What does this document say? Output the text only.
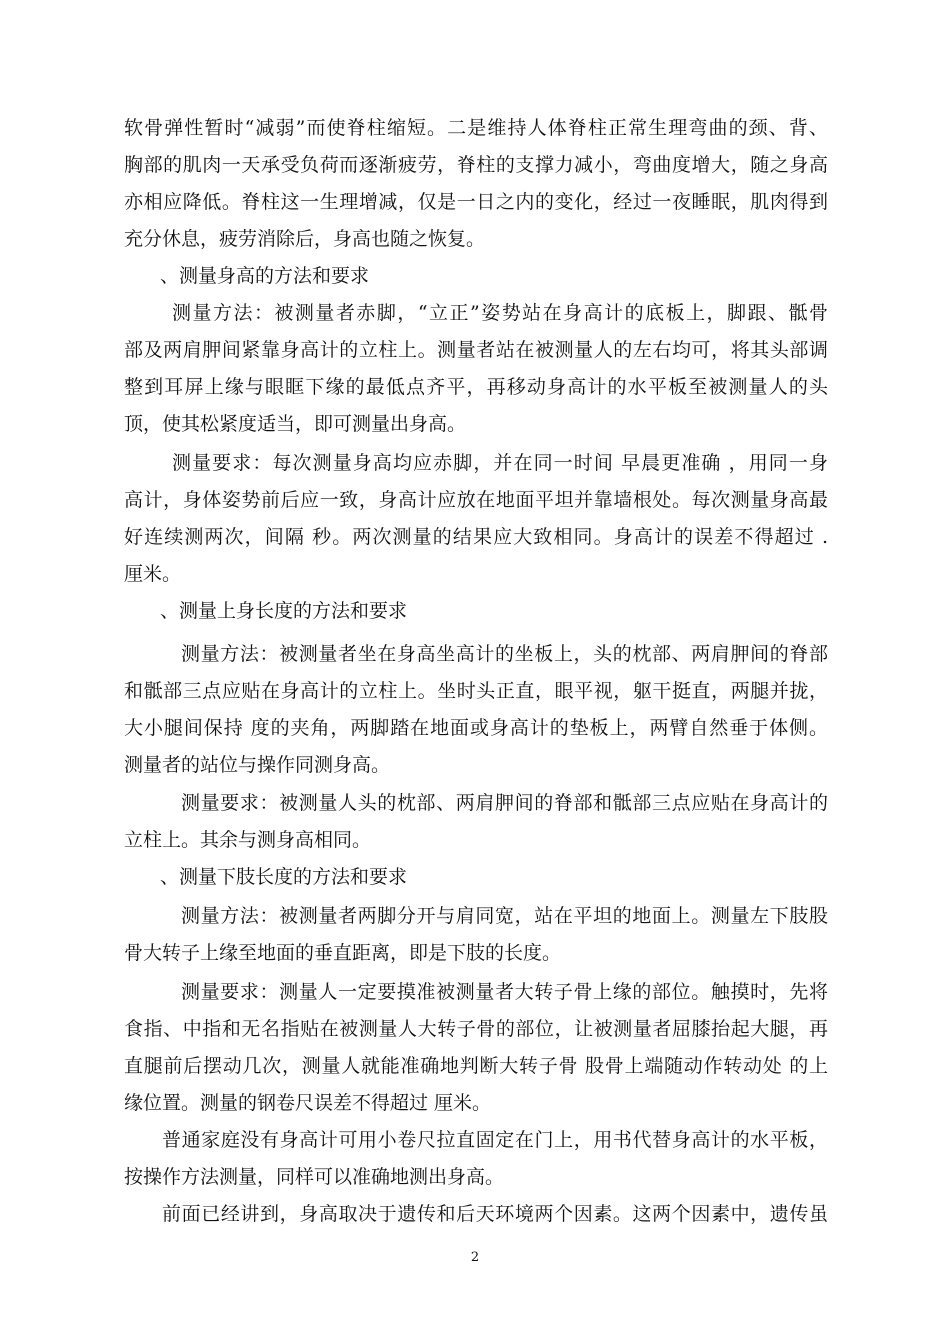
软骨弹性暂时“减弱”而使脊柱缩短。二是维持人体脊柱正常生理弯曲的颈、背、
胸部的肌肉一天承受负荷而逐渐疲劳，脊柱的支撑力减小，弯曲度增大，随之身高
亦相应降低。脊柱这一生理增减，仅是一日之内的变化，经过一夜睡眠，肌肉得到
充分休息，疲劳消除后，身高也随之恢复。
、测量身高的方法和要求
测量方法：被测量者赤脚，“立正”姿势站在身高计的底板上，脚跟、骶骨
部及两肩胛间紧靠身高计的立柱上。测量者站在被测量人的左右均可，将其头部调
整到耳屏上缘与眼眶下缘的最低点齐平，再移动身高计的水平板至被测量人的头
顶，使其松紧度适当，即可测量出身高。
测量要求：每次测量身高均应赤脚，并在同一时间 早晨更准确 ，用同一身
高计，身体姿势前后应一致，身高计应放在地面平坦并靠墙根处。每次测量身高最
好连续测两次，间隔 秒。两次测量的结果应大致相同。身高计的误差不得超过 .
厘米。
、测量上身长度的方法和要求
测量方法：被测量者坐在身高坐高计的坐板上，头的枕部、两肩胛间的脊部
和骶部三点应贴在身高计的立柱上。坐时头正直，眼平视，躯干挺直，两腿并拢，
大小腿间保持 度的夹角，两脚踏在地面或身高计的垫板上，两臂自然垂于体侧。
测量者的站位与操作同测身高。
测量要求：被测量人头的枕部、两肩胛间的脊部和骶部三点应贴在身高计的
立柱上。其余与测身高相同。
、测量下肢长度的方法和要求
测量方法：被测量者两脚分开与肩同宽，站在平坦的地面上。测量左下肢股
骨大转子上缘至地面的垂直距离，即是下肢的长度。
测量要求：测量人一定要摸准被测量者大转子骨上缘的部位。触摸时，先将
食指、中指和无名指贴在被测量人大转子骨的部位，让被测量者屈膝抬起大腿，再
直腿前后摆动几次，测量人就能准确地判断大转子骨 股骨上端随动作转动处 的上
缘位置。测量的钢卷尺误差不得超过 厘米。
普通家庭没有身高计可用小卷尺拉直固定在门上，用书代替身高计的水平板，
按操作方法测量，同样可以准确地测出身高。
前面已经讲到，身高取决于遗传和后天环境两个因素。这两个因素中，遗传虽
2
